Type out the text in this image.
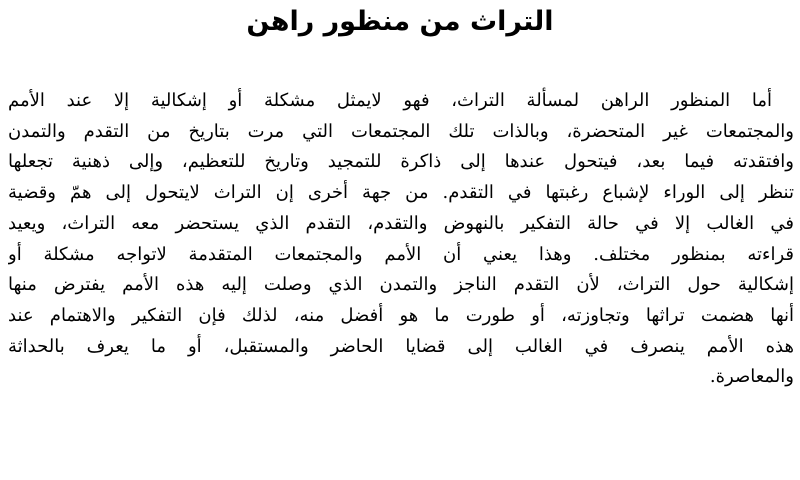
التراث من منظور راهن

أما المنظور الراهن لمسألة التراث، فهو لايمثل مشكلة أو إشكالية إلا عند الأمم
والمجتمعات غير المتحضرة، وبالذات تلك المجتمعات التي مرت بتاريخ من التقدم والتمدن
وافتقدته فيما بعد، فيتحول عندها إلى ذاكرة للتمجيد وتاريخ للتعظيم، وإلى ذهنية تجعلها
تنظر إلى الوراء لإشباع رغبتها في التقدم. من جهة أخرى إن التراث لايتحول إلى همّ وقضية
في الغالب إلا في حالة التفكير بالنهوض والتقدم، التقدم الذي يستحضر معه التراث، ويعيد
قراءته بمنظور مختلف. وهذا يعني أن الأمم والمجتمعات المتقدمة لاتواجه مشكلة أو
إشكالية حول التراث، لأن التقدم الناجز والتمدن الذي وصلت إليه هذه الأمم يفترض منها
أنها هضمت تراثها وتجاوزته، أو طورت ما هو أفضل منه، لذلك فإن التفكير والاهتمام عند
هذه الأمم ينصرف في الغالب إلى قضايا الحاضر والمستقبل، أو ما يعرف بالحداثة
والمعاصرة.
